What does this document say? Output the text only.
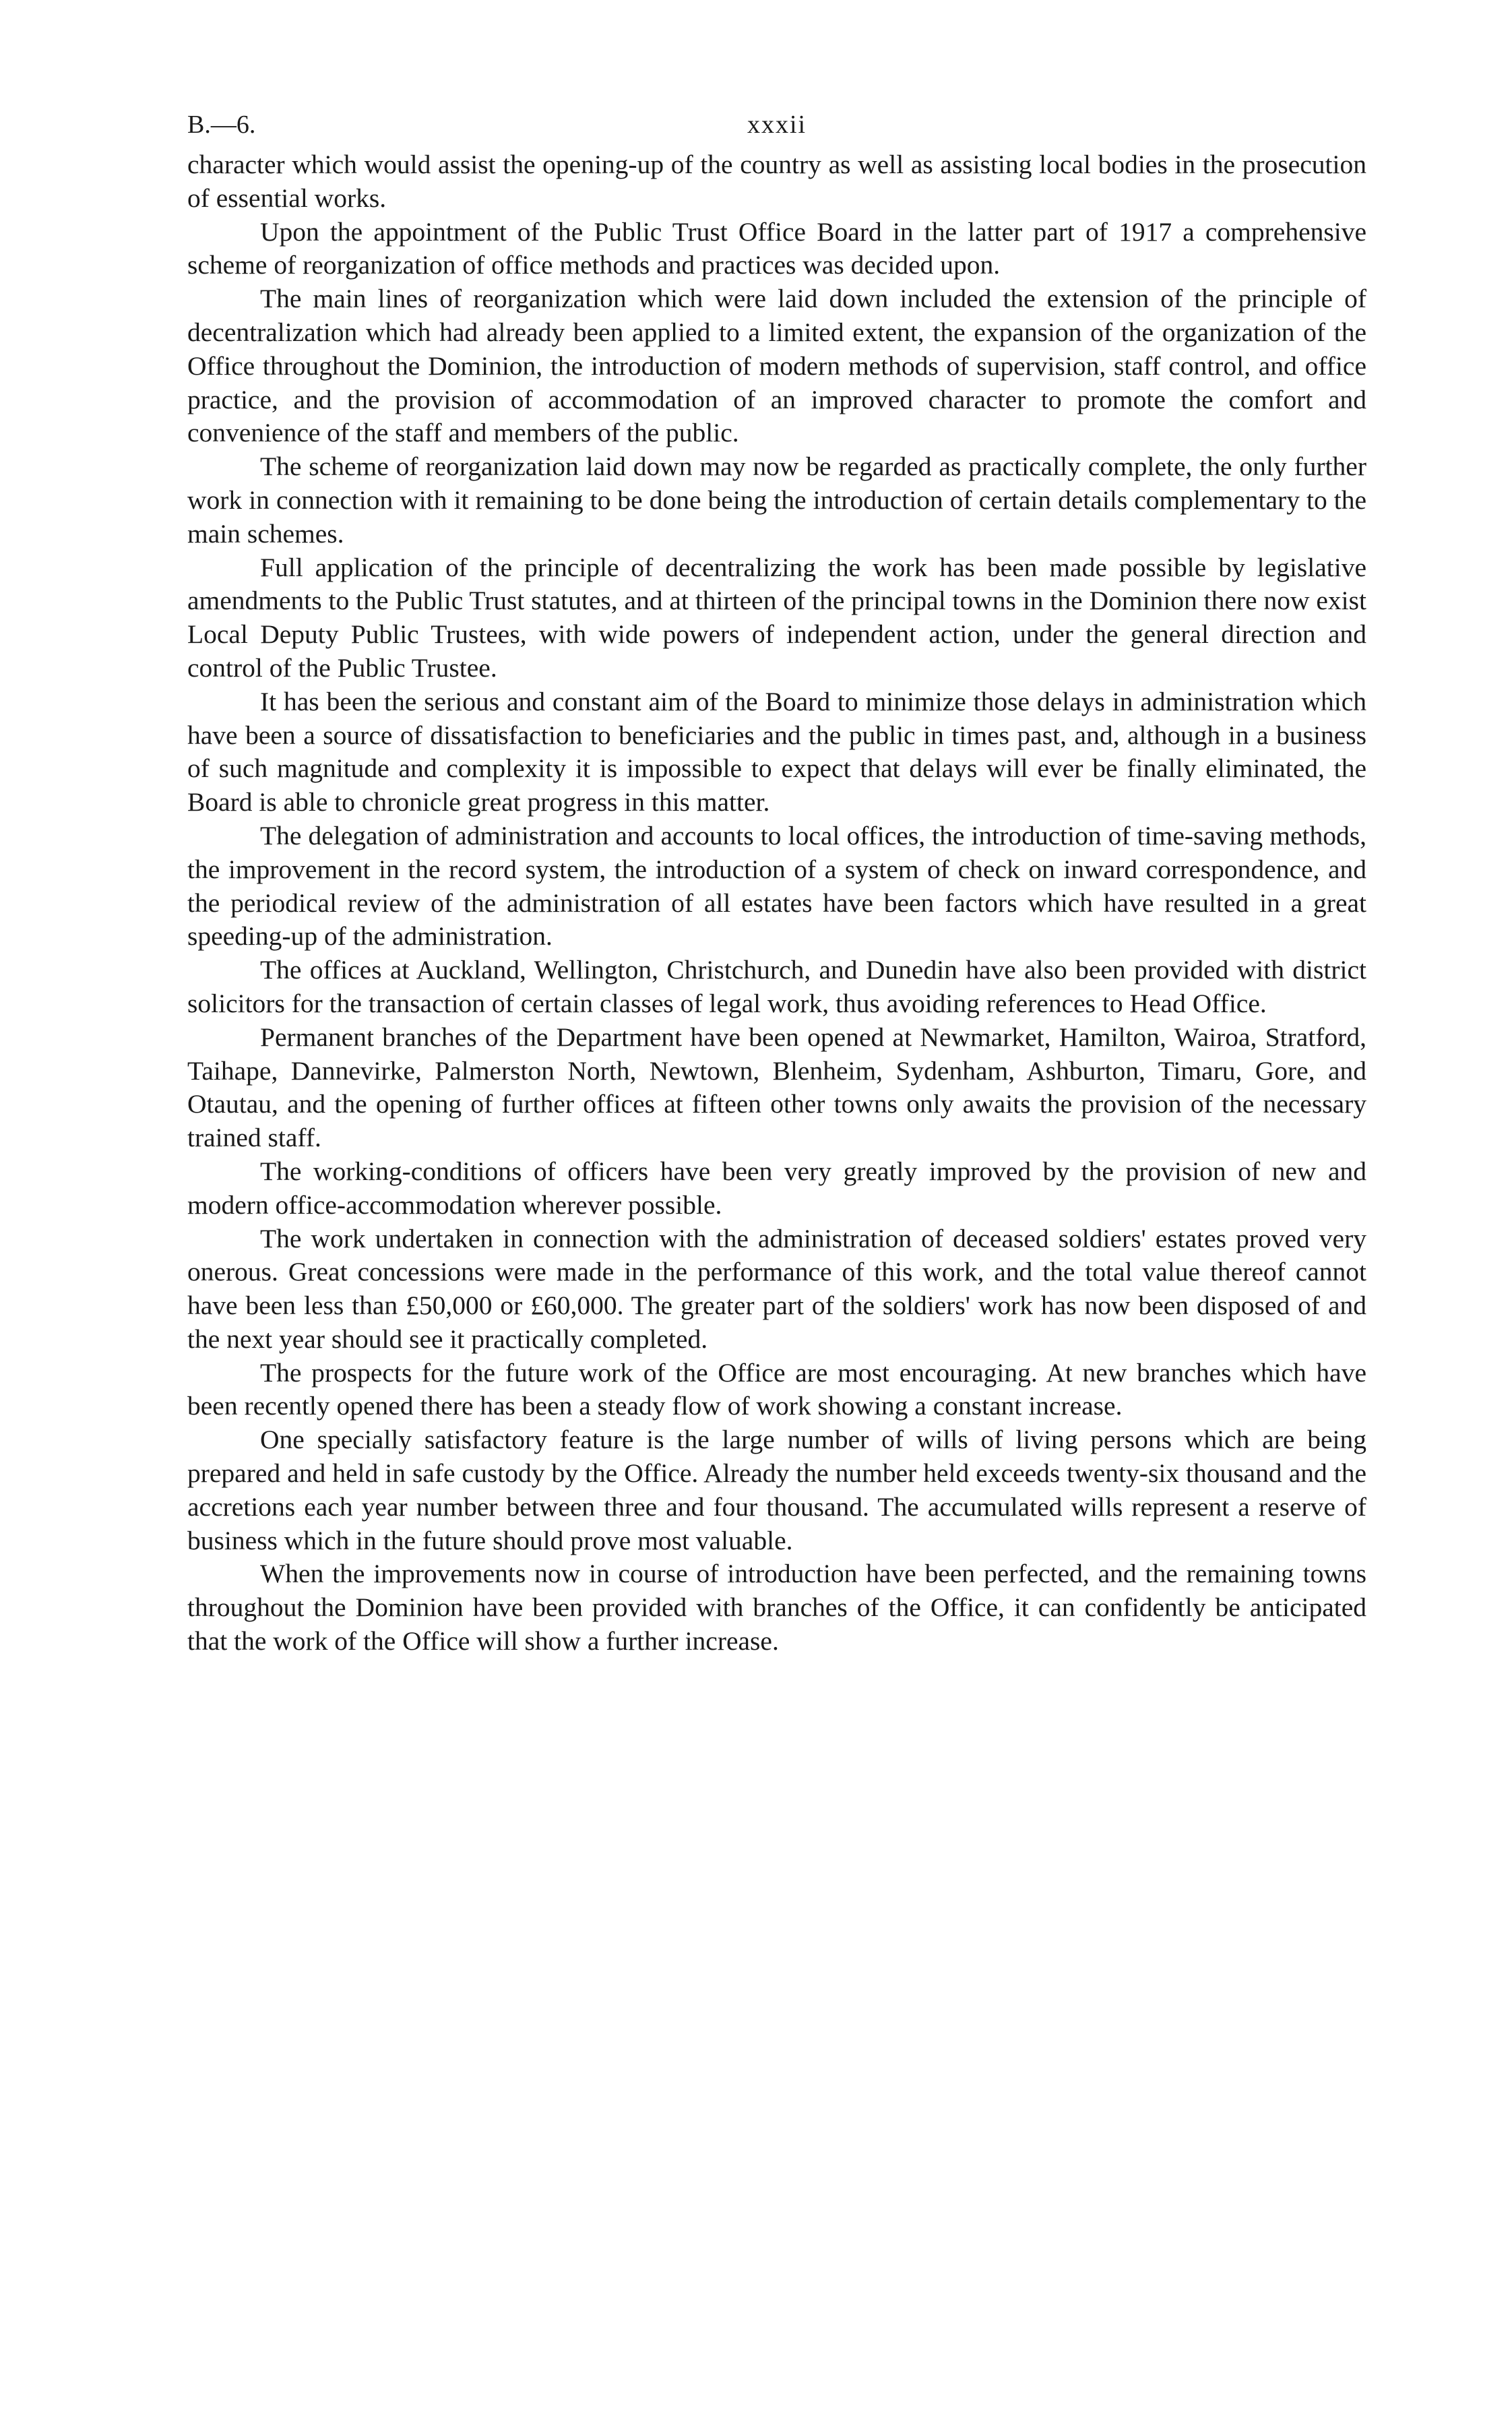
B.—6.	xxxii

character which would assist the opening-up of the country as well as assisting local bodies in the prosecution of essential works.

Upon the appointment of the Public Trust Office Board in the latter part of 1917 a comprehensive scheme of reorganization of office methods and practices was decided upon.

The main lines of reorganization which were laid down included the extension of the principle of decentralization which had already been applied to a limited extent, the expansion of the organization of the Office throughout the Dominion, the introduction of modern methods of supervision, staff control, and office practice, and the provision of accommodation of an improved character to promote the comfort and convenience of the staff and members of the public.

The scheme of reorganization laid down may now be regarded as practically complete, the only further work in connection with it remaining to be done being the introduction of certain details complementary to the main schemes.

Full application of the principle of decentralizing the work has been made possible by legislative amendments to the Public Trust statutes, and at thirteen of the principal towns in the Dominion there now exist Local Deputy Public Trustees, with wide powers of independent action, under the general direction and control of the Public Trustee.

It has been the serious and constant aim of the Board to minimize those delays in administration which have been a source of dissatisfaction to beneficiaries and the public in times past, and, although in a business of such magnitude and complexity it is impossible to expect that delays will ever be finally eliminated, the Board is able to chronicle great progress in this matter.

The delegation of administration and accounts to local offices, the introduction of time-saving methods, the improvement in the record system, the introduction of a system of check on inward correspondence, and the periodical review of the administration of all estates have been factors which have resulted in a great speeding-up of the administration.

The offices at Auckland, Wellington, Christchurch, and Dunedin have also been provided with district solicitors for the transaction of certain classes of legal work, thus avoiding references to Head Office.

Permanent branches of the Department have been opened at Newmarket, Hamilton, Wairoa, Stratford, Taihape, Dannevirke, Palmerston North, Newtown, Blenheim, Sydenham, Ashburton, Timaru, Gore, and Otautau, and the opening of further offices at fifteen other towns only awaits the provision of the necessary trained staff.

The working-conditions of officers have been very greatly improved by the provision of new and modern office-accommodation wherever possible.

The work undertaken in connection with the administration of deceased soldiers' estates proved very onerous. Great concessions were made in the performance of this work, and the total value thereof cannot have been less than £50,000 or £60,000. The greater part of the soldiers' work has now been disposed of and the next year should see it practically completed.

The prospects for the future work of the Office are most encouraging. At new branches which have been recently opened there has been a steady flow of work showing a constant increase.

One specially satisfactory feature is the large number of wills of living persons which are being prepared and held in safe custody by the Office. Already the number held exceeds twenty-six thousand and the accretions each year number between three and four thousand. The accumulated wills represent a reserve of business which in the future should prove most valuable.

When the improvements now in course of introduction have been perfected, and the remaining towns throughout the Dominion have been provided with branches of the Office, it can confidently be anticipated that the work of the Office will show a further increase.
